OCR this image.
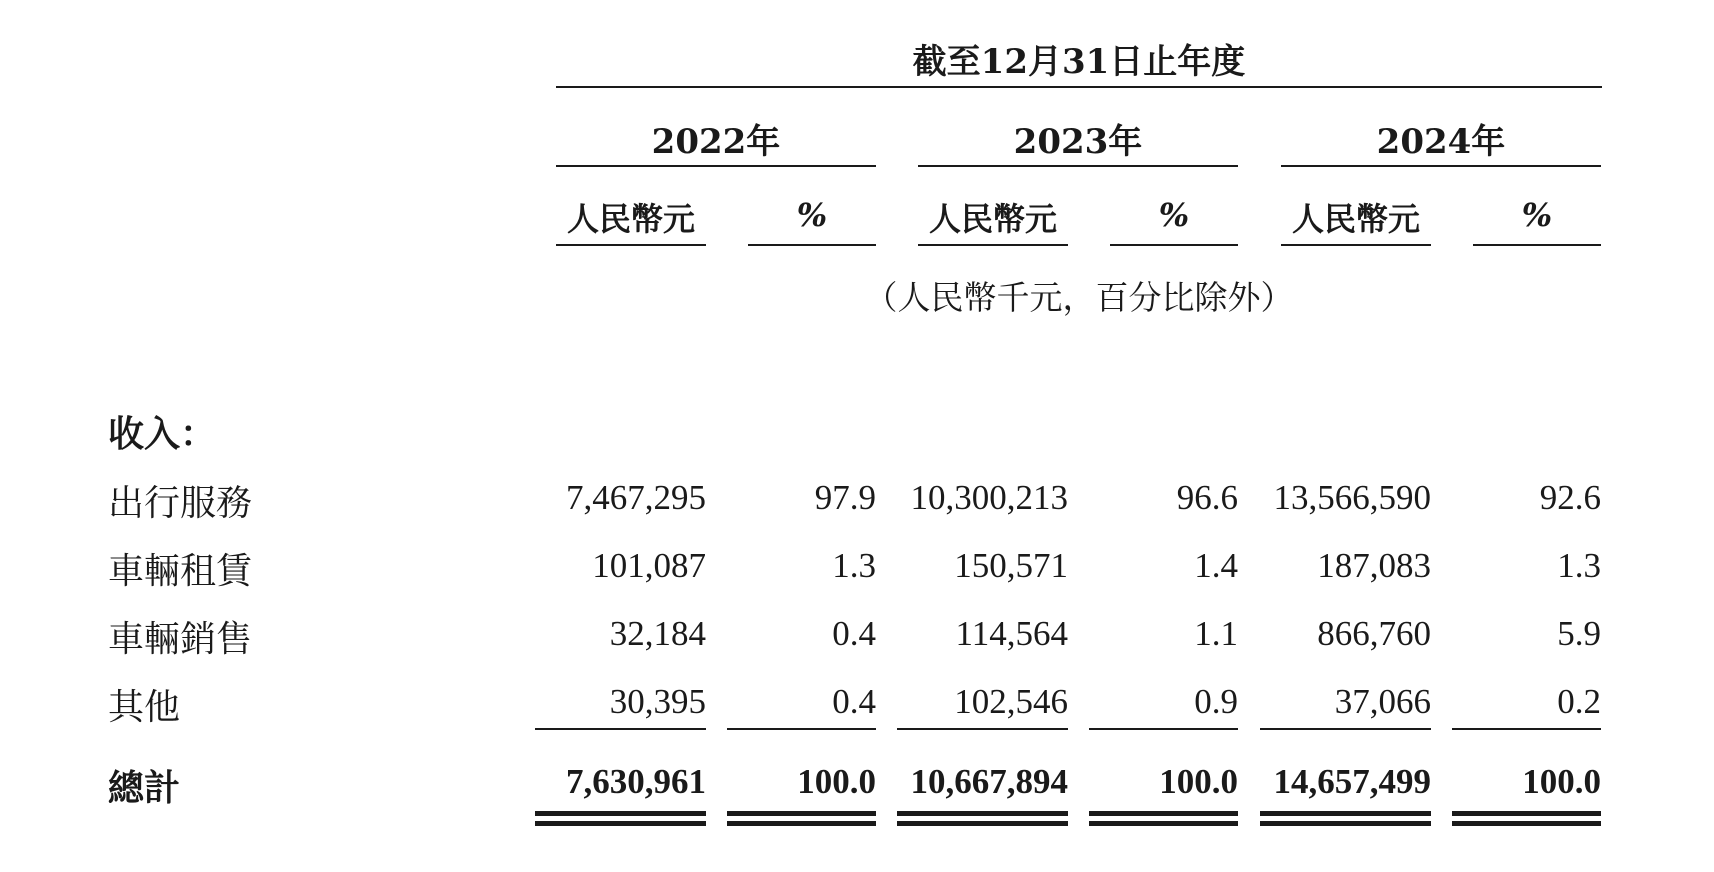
截至12月31日止年度
2022年	2023年	2024年
人民幣元	%	人民幣元	%	人民幣元	%
（人民幣千元，百分比除外）
收入：
出行服務	7,467,295	97.9 10,300,213	96.6	13,566,590	92.6
車輛租賃	101,087	1.3	150,571	1.4	187,083	1.3
車輛銷售	32,184	0.4	114,564	1.1	866,760	5.9
其他	30,395	0.4	102,546	0.9	37,066	0.2
總計	7,630,961	100.0 10,667,894	100.0	14,657,499	100.0
